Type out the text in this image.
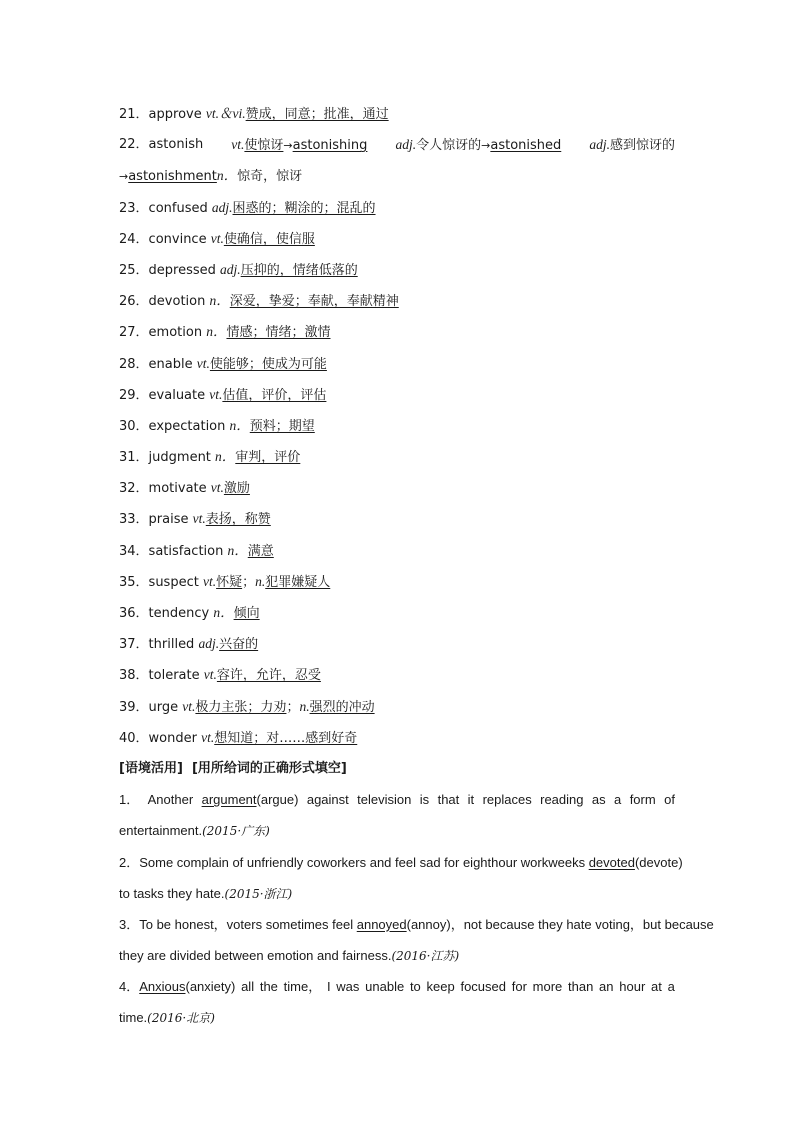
21．approve vt.＆vi.赞成，同意；批准，通过
22．astonish vt.使惊讶→astonishing adj.令人惊讶的→astonished adj.感到惊讶的
→astonishmentn．惊奇，惊讶
23．confused adj.困惑的；糊涂的；混乱的
24．convince vt.使确信，使信服
25．depressed adj.压抑的，情绪低落的
26．devotion n．深爱，挚爱；奉献，奉献精神
27．emotion n．情感；情绪；激情
28．enable vt.使能够；使成为可能
29．evaluate vt.估值，评价，评估
30．expectation n．预料；期望
31．judgment n．审判，评价
32．motivate vt.激励
33．praise vt.表扬，称赞
34．satisfaction n．满意
35．suspect vt.怀疑；n.犯罪嫌疑人
36．tendency n．倾向
37．thrilled adj.兴奋的
38．tolerate vt.容许，允许，忍受
39．urge vt.极力主张；力劝；n.强烈的冲动
40．wonder vt.想知道；对……感到好奇
[语境活用] [用所给词的正确形式填空]
1． Another argument(argue) against television is that it replaces reading as a form of
entertainment.(2015·广东)
2．Some complain of unfriendly coworkers and feel sad for eighthour workweeks devoted(devote)
to tasks they hate.(2015·浙江)
3．To be honest，voters sometimes feel annoyed(annoy)，not because they hate voting，but because
they are divided between emotion and fairness.(2016·江苏)
4．Anxious(anxiety) all the time， I was unable to keep focused for more than an hour at a
time.(2016·北京)
